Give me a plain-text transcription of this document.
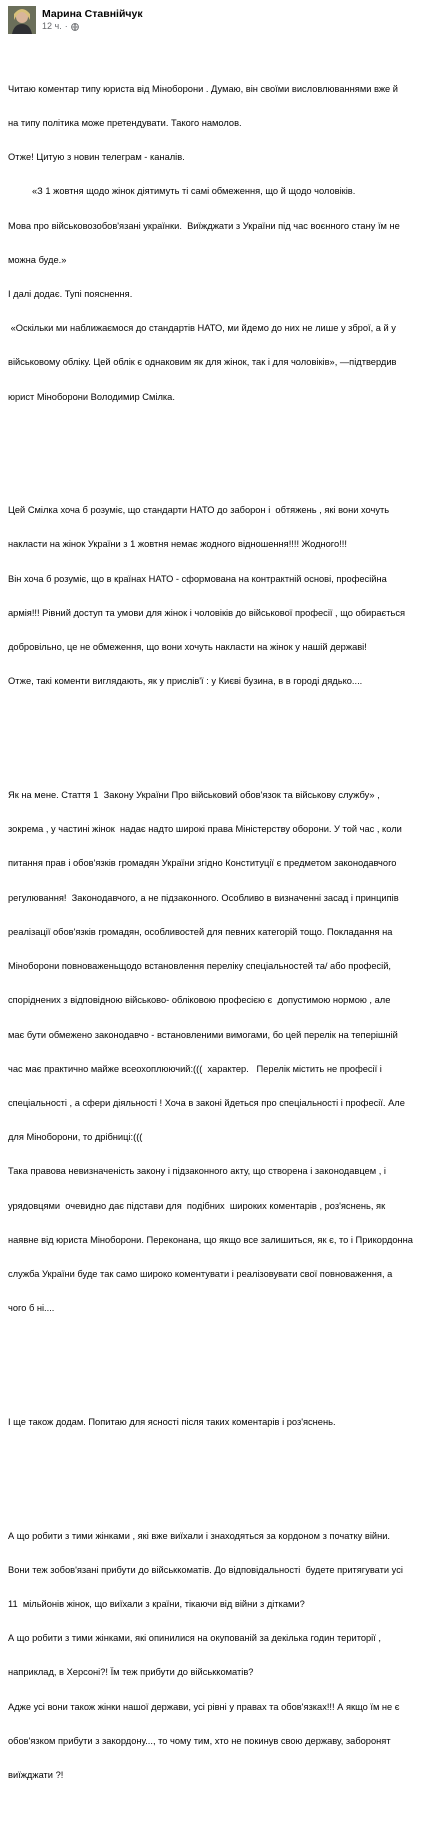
Марина Ставнійчук
12 ч. ·

Читаю коментар типу юриста від Міноборони . Думаю, він своїми висловлюваннями вже й

на типу політика може претендувати. Такого намолов.

Отже! Цитую з новин телеграм - каналів.

«З 1 жовтня щодо жінок діятимуть ті самі обмеження, що й щодо чоловіків.

Мова про військовозобов'язані українки.  Виїжджати з України під час воєнного стану їм не

можна буде.»

І далі додає. Тупі пояснення.

«Оскільки ми наближаємося до стандартів НАТО, ми йдемо до них не лише у зброї, а й у

військовому обліку. Цей облік є однаковим як для жінок, так і для чоловіків», —підтвердив

юрист Міноборони Володимир Смілка.

Цей Смілка хоча б розуміє, що стандарти НАТО до заборон і  обтяжень , які вони хочуть

накласти на жінок України з 1 жовтня немає жодного відношення!!!! Жодного!!!

Він хоча б розуміє, що в країнах НАТО - сформована на контрактній основі, професійна

армія!!! Рівний доступ та умови для жінок і чоловіків до військової професії , що обирається

добровільно, це не обмеження, що вони хочуть накласти на жінок у нашій державі!

Отже, такі коменти виглядають, як у прислів'ї : у Києві бузина, в в городі дядько....

Як на мене. Стаття 1  Закону України Про військовий обов'язок та військову службу» ,

зокрема , у частині жінок  надає надто широкі права Міністерству оборони. У той час , коли

питання прав і обов'язків громадян України згідно Конституції є предметом законодавчого

регулювання!  Законодавчого, а не підзаконного. Особливо в визначенні засад і принципів

реалізації обов'язків громадян, особливостей для певних категорій тощо. Покладання на

Міноборони повноваженьщодо встановлення переліку спеціальностей та/ або професій,

споріднених з відповідною військово- обліковою професією є  допустимою нормою , але

має бути обмежено законодавчо - встановленими вимогами, бо цей перелік на теперішній

час має практично майже всеохоплюючий:(((  характер.   Перелік містить не професії і

спеціальності , а сфери діяльності ! Хоча в законі йдеться про спеціальності і професії. Але

для Міноборони, то дрібниці:(((

Така правова невизначеність закону і підзаконного акту, що створена і законодавцем , і

урядовцями  очевидно дає підстави для  подібних  широких коментарів , роз'яснень, як

наявне від юриста Міноборони. Переконана, що якщо все залишиться, як є, то і Прикордонна

служба України буде так само широко коментувати і реалізовувати свої повноваження, а

чого б ні....

І ще також додам. Попитаю для ясності після таких коментарів і роз'яснень.

А що робити з тими жінками , які вже виїхали і знаходяться за кордоном з початку війни.

Вони теж зобов'язані прибути до військкоматів. До відповідальності  будете притягувати усі

11  мільйонів жінок, що виїхали з країни, тікаючи від війни з дітками?

А що робити з тими жінками, які опинилися на окупованій за декілька годин території ,

наприклад, в Херсоні?! Їм теж прибути до військкоматів?

Адже усі вони також жінки нашої держави, усі рівні у правах та обов'язках!!! А якщо їм не є

обов'язком прибути з закордону..., то чому тим, хто не покинув свою державу, заборонят

виїжджати ?!
